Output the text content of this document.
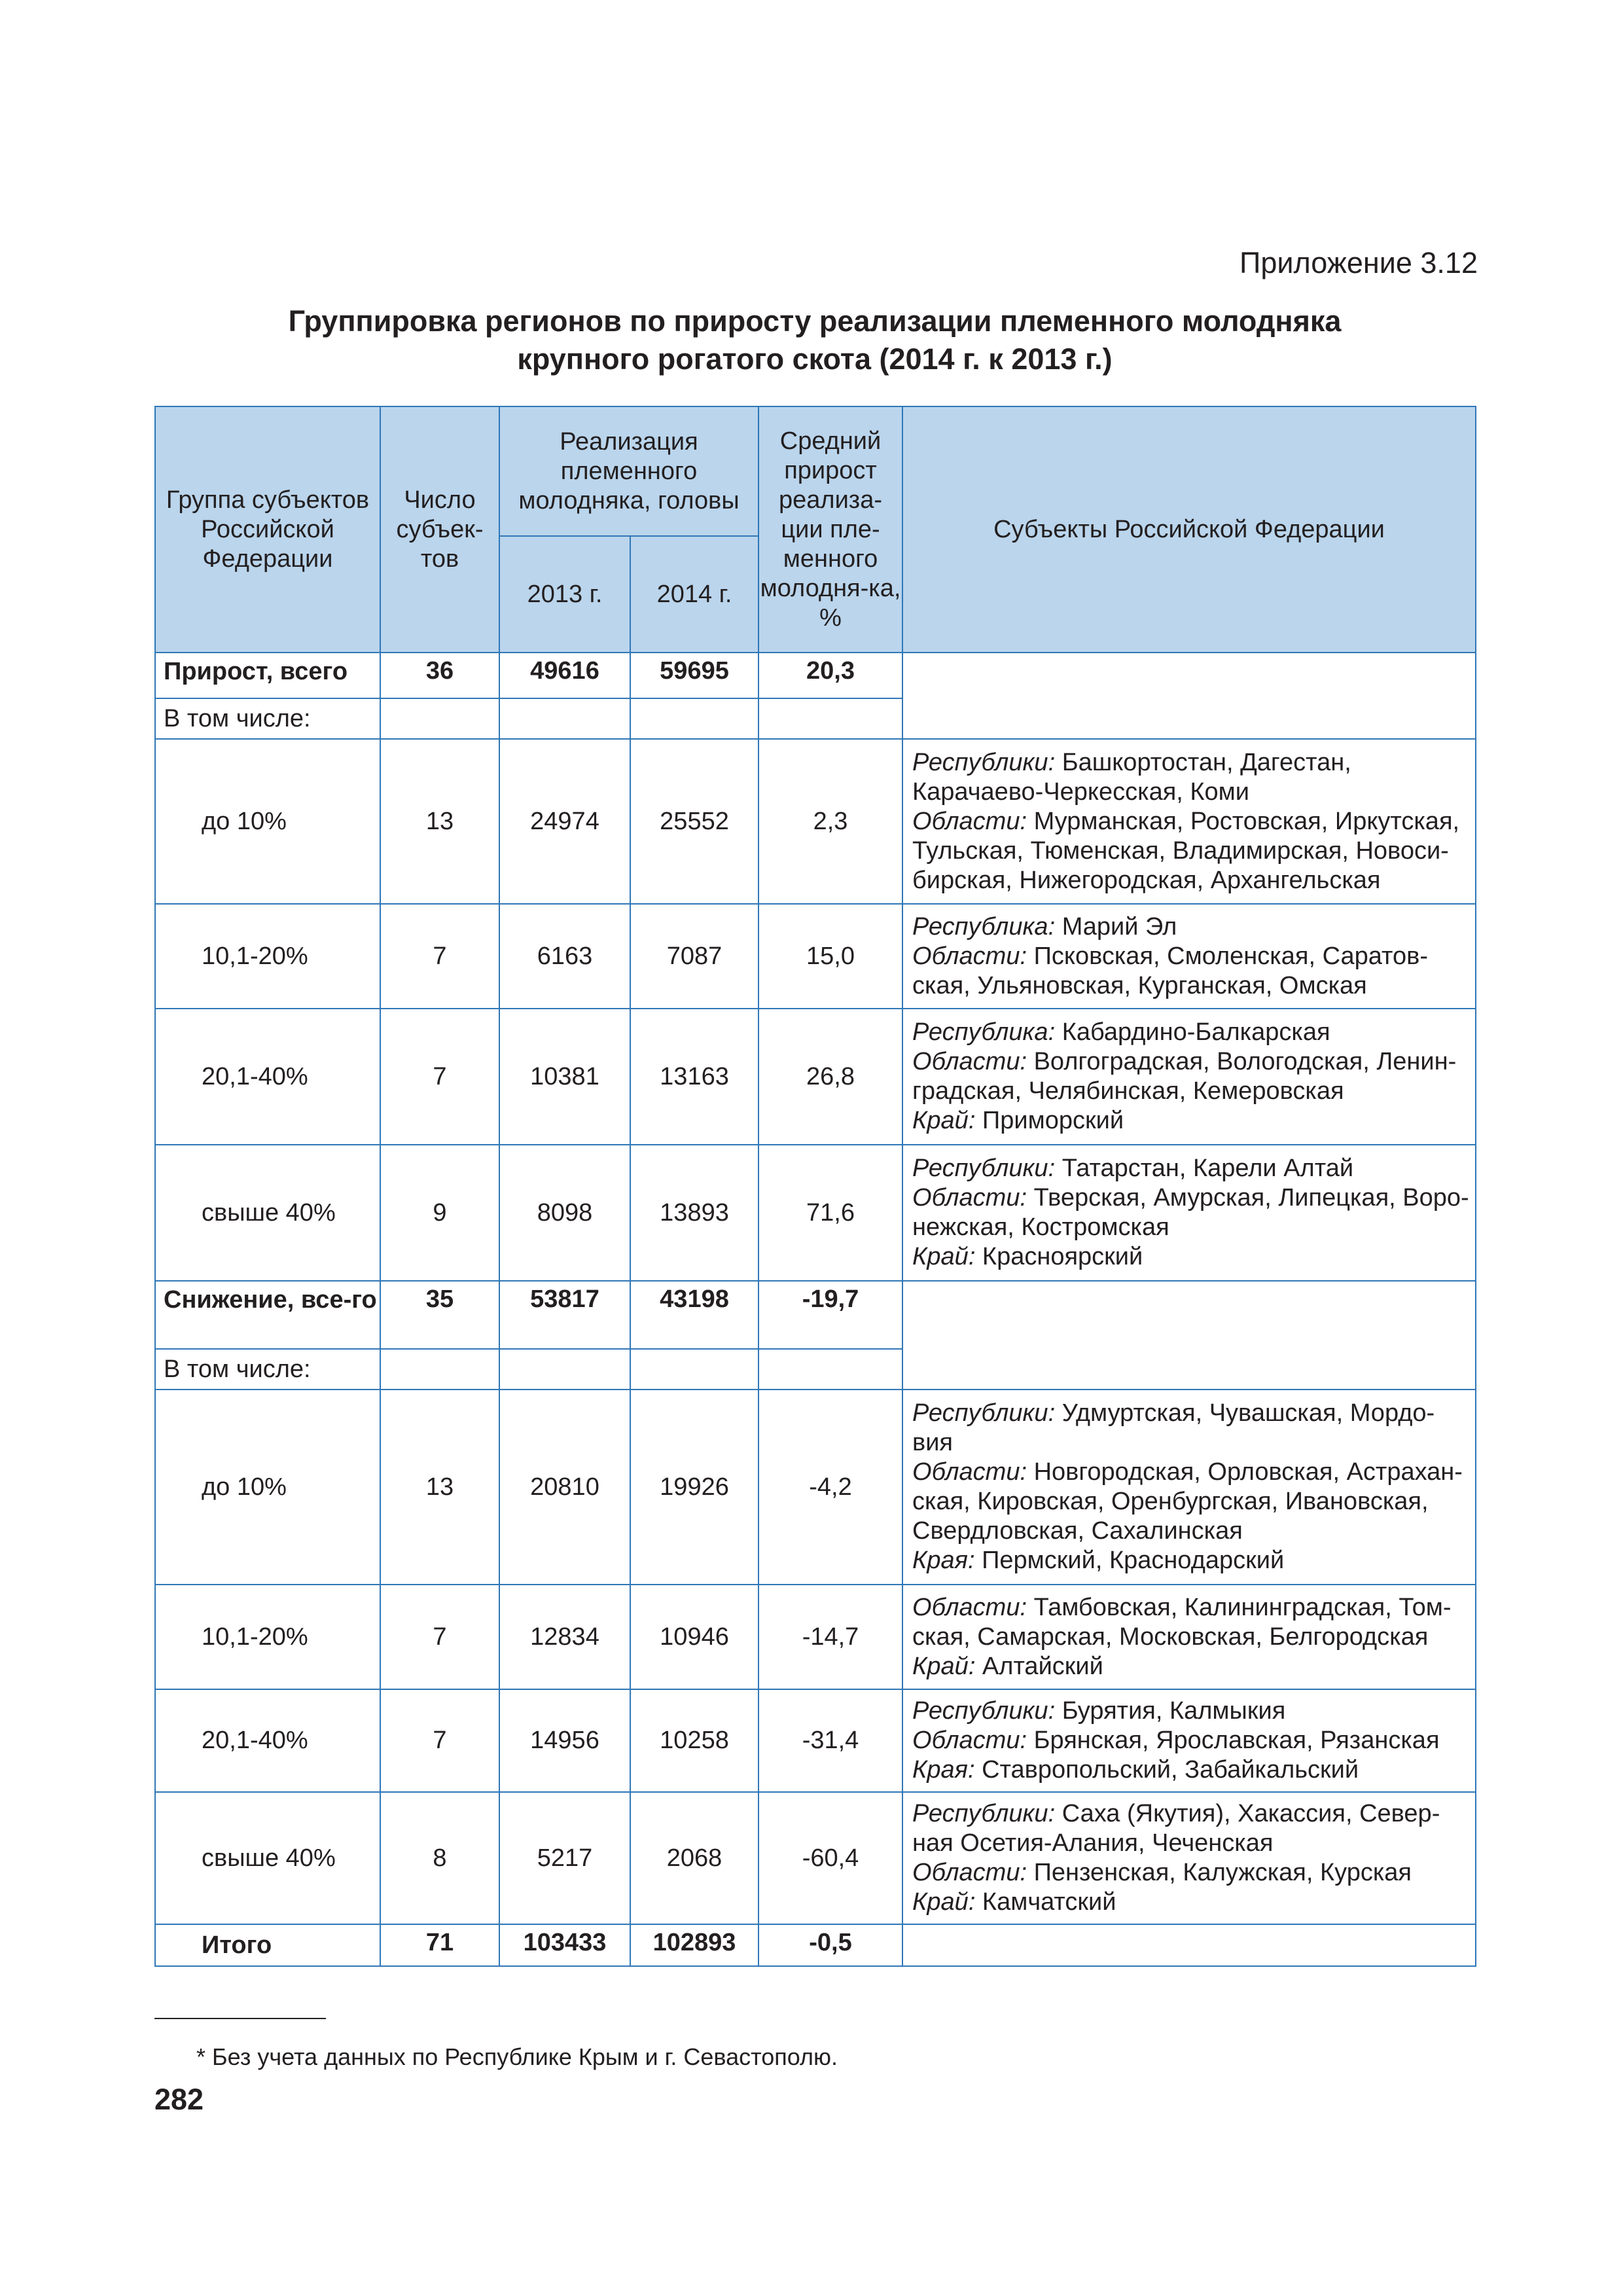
Приложение 3.12
Группировка регионов по приросту реализации племенного молодняка
крупного рогатого скота (2014 г. к 2013 г.)
Группа субъектов Российской Федерации	Число субъек-тов	Реализация племенного молодняка, головы		Средний прирост реализа-ции пле-менного молодня-ка, %	Субъекты Российской Федерации
		2013 г.	2014 г.		
Прирост, всего	36	49616	59695	20,3	
В том числе:					
до 10%	13	24974	25552	2,3	Республики: Башкортостан, Дагестан, Карачаево-Черкесская, Коми
Области: Мурманская, Ростовская, Иркутская, Тульская, Тюменская, Владимирская, Новоси-бирская, Нижегородская, Архангельская
10,1-20%	7	6163	7087	15,0	Республика: Марий Эл
Области: Псковская, Смоленская, Саратов-ская, Ульяновская, Курганская, Омская
20,1-40%	7	10381	13163	26,8	Республика: Кабардино-Балкарская
Области: Волгоградская, Вологодская, Ленин-градская, Челябинская, Кемеровская
Край: Приморский
свыше 40%	9	8098	13893	71,6	Республики: Татарстан, Карели Алтай
Области: Тверская, Амурская, Липецкая, Воро-нежская, Костромская
Край: Красноярский
Снижение, все-го	35	53817	43198	-19,7	
В том числе:					
до 10%	13	20810	19926	-4,2	Республики: Удмуртская, Чувашская, Мордо-вия
Области: Новгородская, Орловская, Астрахан-ская, Кировская, Оренбургская, Ивановская, Свердловская, Сахалинская
Края: Пермский, Краснодарский
10,1-20%	7	12834	10946	-14,7	Области: Тамбовская, Калининградская, Том-ская, Самарская, Московская, Белгородская
Край: Алтайский
20,1-40%	7	14956	10258	-31,4	Республики: Бурятия, Калмыкия
Области: Брянская, Ярославская, Рязанская
Края: Ставропольский, Забайкальский
свыше 40%	8	5217	2068	-60,4	Республики: Саха (Якутия), Хакассия, Север-ная Осетия-Алания, Чеченская
Области: Пензенская, Калужская, Курская
Край: Камчатский
Итого	71	103433	102893	-0,5	
* Без учета данных по Республике Крым и г. Севастополю.
282
